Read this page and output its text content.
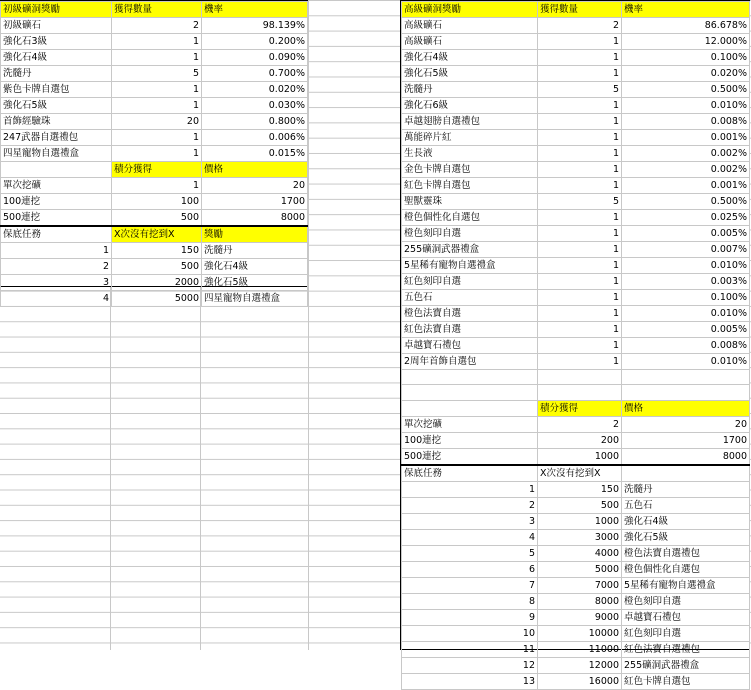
初級礦洞獎勵	獲得數量	機率
初級礦石	2	98.139%
強化石3級	1	0.200%
強化石4級	1	0.090%
洗髓丹	5	0.700%
紫色卡牌自選包	1	0.020%
強化石5級	1	0.030%
首飾經驗珠	20	0.800%
247武器自選禮包	1	0.006%
四星寵物自選禮盒	1	0.015%
	積分獲得	價格
單次挖礦	1	20
100連挖	100	1700
500連挖	500	8000
保底任務	X次沒有挖到X	獎勵
1	150	洗髓丹
2	500	強化石4級
3	2000	強化石5級
4	5000	四星寵物自選禮盒
高級礦洞獎勵	獲得數量	機率
高級礦石	2	86.678%
高級礦石	1	12.000%
強化石4級	1	0.100%
強化石5級	1	0.020%
洗髓丹	5	0.500%
強化石6級	1	0.010%
卓越翅膀自選禮包	1	0.008%
萬能碎片紅	1	0.001%
生長液	1	0.002%
金色卡牌自選包	1	0.002%
紅色卡牌自選包	1	0.001%
聖獸靈珠	5	0.500%
橙色個性化自選包	1	0.025%
橙色刻印自選	1	0.005%
255礦洞武器禮盒	1	0.007%
5星稀有寵物自選禮盒	1	0.010%
紅色刻印自選	1	0.003%
五色石	1	0.100%
橙色法寶自選	1	0.010%
紅色法寶自選	1	0.005%
卓越寶石禮包	1	0.008%
2周年首飾自選包	1	0.010%

	積分獲得	價格
單次挖礦	2	20
100連挖	200	1700
500連挖	1000	8000
保底任務	X次沒有挖到X	
1	150	洗髓丹
2	500	五色石
3	1000	強化石4級
4	3000	強化石5級
5	4000	橙色法寶自選禮包
6	5000	橙色個性化自選包
7	7000	5星稀有寵物自選禮盒
8	8000	橙色刻印自選
9	9000	卓越寶石禮包
10	10000	紅色刻印自選
11	11000	紅色法寶自選禮包
12	12000	255礦洞武器禮盒
13	16000	紅色卡牌自選包
